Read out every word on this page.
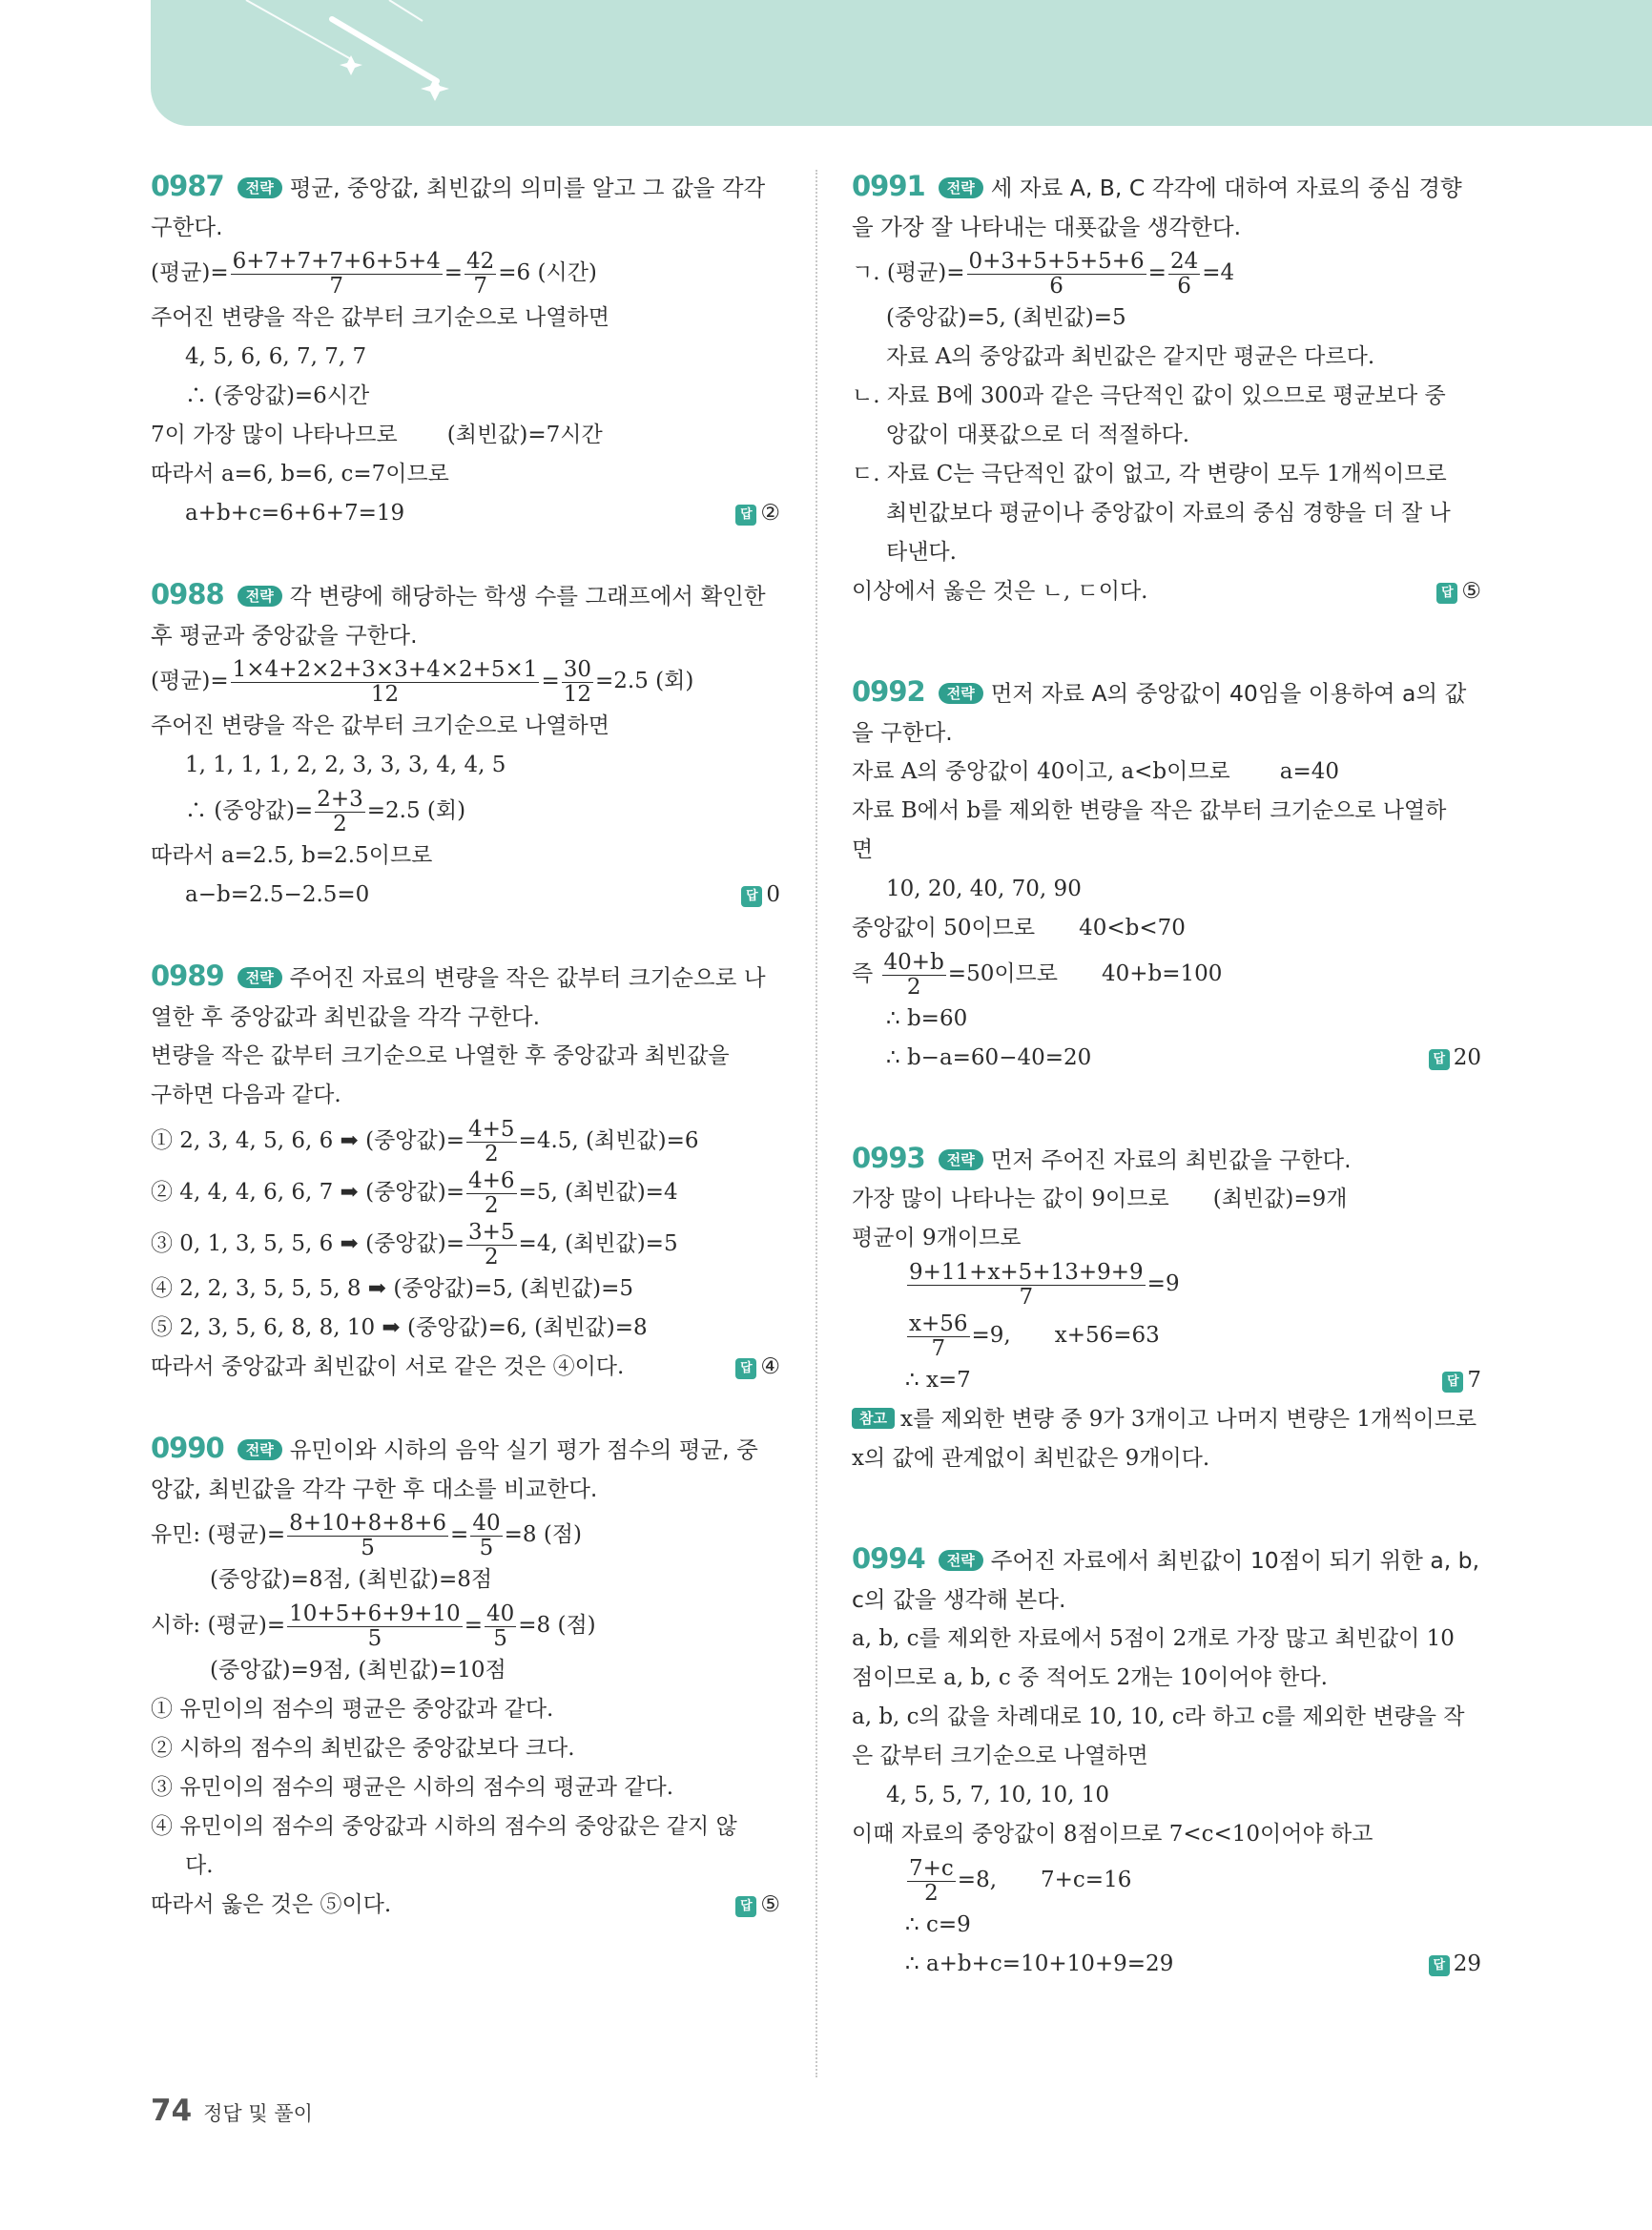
0987 전략 평균, 중앙값, 최빈값의 의미를 알고 그 값을 각각
구한다.
(평균)= $\frac{6+7+7+7+6+5+4}{7} = \frac{42}{7} =6$ (시간)
주어진 변량을 작은 값부터 크기순으로 나열하면
4, 5, 6, 6, 7, 7, 7
∴ (중앙값)=6시간
7이 가장 많이 나타나므로 (최빈값)=7시간
따라서 a=6, b=6, c=7이므로
a+b+c=6+6+7=19	답 ②
0988 전략 각 변량에 해당하는 학생 수를 그래프에서 확인한
후 평균과 중앙값을 구한다.
(평균)= $\frac{1\times 4+2\times 2+3\times 3+4\times 2+5\times 1}{12} = \frac{30}{12} =2.5$ (회)
주어진 변량을 작은 값부터 크기순으로 나열하면
1, 1, 1, 1, 2, 2, 3, 3, 3, 4, 4, 5
∴ (중앙값)= $\frac{2+3}{2} =2.5$ (회)
따라서 a=2.5, b=2.5이므로
a−b=2.5−2.5=0	답 0
0989 전략 주어진 자료의 변량을 작은 값부터 크기순으로 나
열한 후 중앙값과 최빈값을 각각 구한다.
변량을 작은 값부터 크기순으로 나열한 후 중앙값과 최빈값을
구하면 다음과 같다.
① 2, 3, 4, 5, 6, 6 ➡ (중앙값)= $\frac{4+5}{2} =4.5$, (최빈값)=6
② 4, 4, 4, 6, 6, 7 ➡ (중앙값)= $\frac{4+6}{2} =5$, (최빈값)=4
③ 0, 1, 3, 5, 5, 6 ➡ (중앙값)= $\frac{3+5}{2} =4$, (최빈값)=5
④ 2, 2, 3, 5, 5, 5, 8 ➡ (중앙값)=5, (최빈값)=5
⑤ 2, 3, 5, 6, 8, 8, 10 ➡ (중앙값)=6, (최빈값)=8
따라서 중앙값과 최빈값이 서로 같은 것은 ④이다.	답 ④
0990 전략 유민이와 시하의 음악 실기 평가 점수의 평균, 중
앙값, 최빈값을 각각 구한 후 대소를 비교한다.
유민: (평균)= $\frac{8+10+8+8+6}{5} = \frac{40}{5} =8$ (점)
(중앙값)=8점, (최빈값)=8점
시하: (평균)= $\frac{10+5+6+9+10}{5} = \frac{40}{5} =8$ (점)
(중앙값)=9점, (최빈값)=10점
① 유민이의 점수의 평균은 중앙값과 같다.
② 시하의 점수의 최빈값은 중앙값보다 크다.
③ 유민이의 점수의 평균은 시하의 점수의 평균과 같다.
④ 유민이의 점수의 중앙값과 시하의 점수의 중앙값은 같지 않
다.
따라서 옳은 것은 ⑤이다.	답 ⑤
0991 전략 세 자료 A, B, C 각각에 대하여 자료의 중심 경향
을 가장 잘 나타내는 대푯값을 생각한다.
ㄱ. (평균)= $\frac{0+3+5+5+5+6}{6} = \frac{24}{6} =4$
(중앙값)=5, (최빈값)=5
자료 A의 중앙값과 최빈값은 같지만 평균은 다르다.
ㄴ. 자료 B에 300과 같은 극단적인 값이 있으므로 평균보다 중
앙값이 대푯값으로 더 적절하다.
ㄷ. 자료 C는 극단적인 값이 없고, 각 변량이 모두 1개씩이므로
최빈값보다 평균이나 중앙값이 자료의 중심 경향을 더 잘 나
타낸다.
이상에서 옳은 것은 ㄴ, ㄷ이다.	답 ⑤
0992 전략 먼저 자료 A의 중앙값이 40임을 이용하여 a의 값
을 구한다.
자료 A의 중앙값이 40이고, a<b이므로 a=40
자료 B에서 b를 제외한 변량을 작은 값부터 크기순으로 나열하
면
10, 20, 40, 70, 90
중앙값이 50이므로 40<b<70
즉 $\frac{40+b}{2} =50$이므로 40+b=100
∴ b=60
∴ b−a=60−40=20	답 20
0993 전략 먼저 주어진 자료의 최빈값을 구한다.
가장 많이 나타나는 값이 9이므로 (최빈값)=9개
평균이 9개이므로
$\frac{9+11+x+5+13+9+9}{7} =9$
$\frac{x+56}{7} =9$, x+56=63
∴ x=7	답 7
참고 x를 제외한 변량 중 9가 3개이고 나머지 변량은 1개씩이므로
x의 값에 관계없이 최빈값은 9개이다.
0994 전략 주어진 자료에서 최빈값이 10점이 되기 위한 a, b,
c의 값을 생각해 본다.
a, b, c를 제외한 자료에서 5점이 2개로 가장 많고 최빈값이 10
점이므로 a, b, c 중 적어도 2개는 10이어야 한다.
a, b, c의 값을 차례대로 10, 10, c라 하고 c를 제외한 변량을 작
은 값부터 크기순으로 나열하면
4, 5, 5, 7, 10, 10, 10
이때 자료의 중앙값이 8점이므로 7<c<10이어야 하고
$\frac{7+c}{2} =8$, 7+c=16
∴ c=9
∴ a+b+c=10+10+9=29	답 29
74 정답 및 풀이
